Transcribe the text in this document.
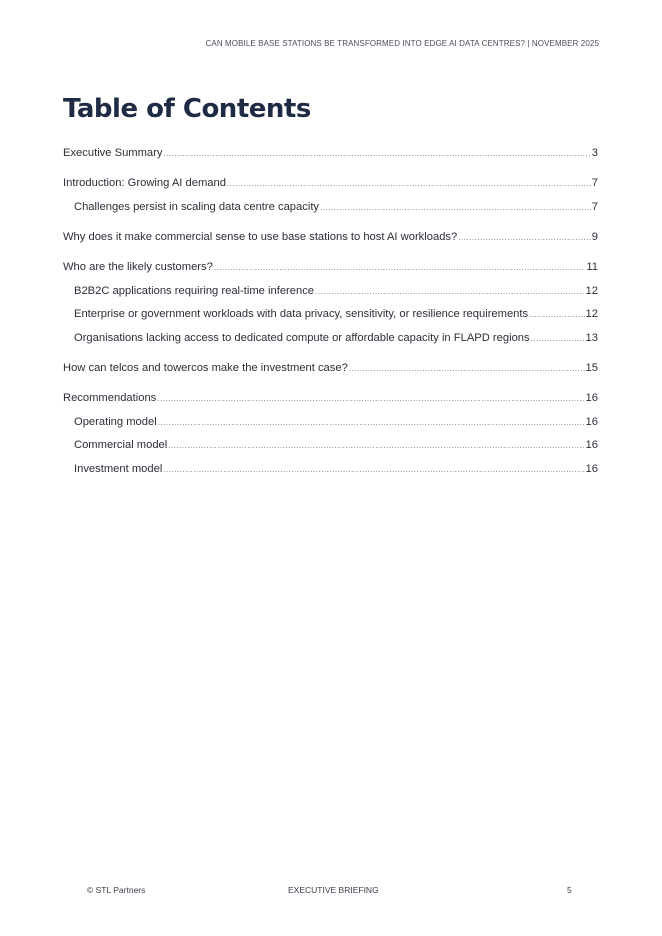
CAN MOBILE BASE STATIONS BE TRANSFORMED INTO EDGE AI DATA CENTRES? | NOVEMBER 2025
Table of Contents
Executive Summary .....	3
Introduction: Growing AI demand .....	7
Challenges persist in scaling data centre capacity .....	7
Why does it make commercial sense to use base stations to host AI workloads? .....	9
Who are the likely customers? .....	11
B2B2C applications requiring real-time inference .....	12
Enterprise or government workloads with data privacy, sensitivity, or resilience requirements .....	12
Organisations lacking access to dedicated compute or affordable capacity in FLAPD regions .....	13
How can telcos and towercos make the investment case? .....	15
Recommendations .....	16
Operating model .....	16
Commercial model .....	16
Investment model .....	16
© STL Partners	EXECUTIVE BRIEFING	5
